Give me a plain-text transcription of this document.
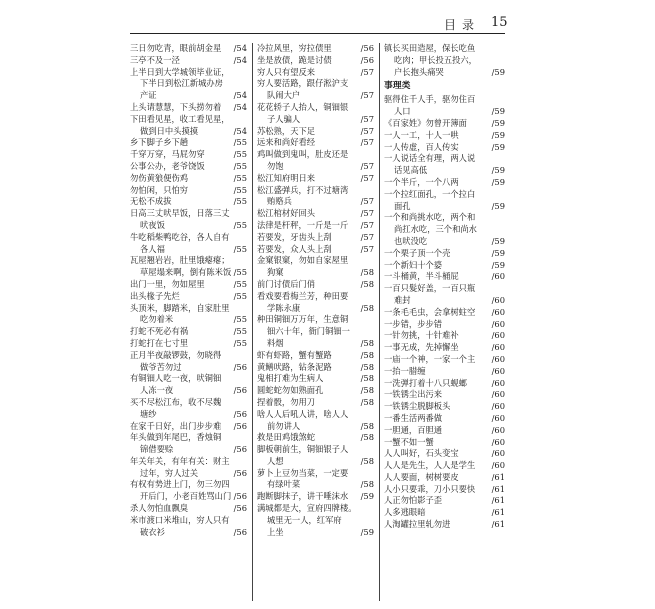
目录 15
三日勿吃青，眼前胡金星 /54
三亭不及一泾	/54
上半日到大学城领毕业证，
下半日到松江新城办房
产证	/54
上头请慧慧，下头捞勿着 /54
下田看见星，收工看见星，
做到日中头摸摸	/54
乡下脚子乡下趟	/55
千穿万穿，马屁勿穿	/55
公事公办，老爷饶饭	/55
勿伤黄狼便伤鸡	/55
勿怕闲，只怕穷	/55
无松不成拔	/55
日高三丈吠早饭，日落三丈
吠夜饭	/55
牛吃稻柴鸭吃谷，各人自有
各人福	/55
瓦屋翘岩岩，肚里饿瘪瘪；
草屋塌来啊，倒有陈米饭 /55
出门一里，勿如屋里	/55
出头椽子先烂	/55
头顶米，脚踏米，自家肚里
吃勿着米	/55
打蛇不死必有祸	/55
打蛇打在七寸里	/55
正月半夜敲锣鼓，勿晓得
做爷苦勿过	/56
有铜钿人吃一夜，吠铜钿
人冻一夜	/56
买不尽松江布，收不尽魏
塘纱	/56
在家千日好，出门步步难 /56
年头做到年尾巴，香烛铜
锦借要赊	/56
年关年关，有年有关：财主
过年，穷人过关	/56
有权有势进上门，勿三勿四
开后门，小老百姓骂山门 /56
杀人勿怕血飘臭	/56
米市渡口米堆山，穷人只有
破衣衫	/56
冷拉风里，穷拉债里	/56
坐是放债，跪是讨债	/56
穷人只有望反来	/57
穷人要活路，跟仔淞沪支
队闹大户	/57
花花轿子人抬人，铜钿银
子人骗人	/57
苏松熟，天下足	/57
远来和尚好看经	/57
鸡叫做到鬼叫，肚皮还是
勿饱	/57
松江知府明日来	/57
松江盛弹兵，打不过塘湾
贿赂兵	/57
松江棺材好回头	/57
法律是杆秤，一斤是一斤 /57
若要发，牙齿头上刮	/57
若要发，众人头上刮	/57
金窠银窠，勿如自家屋里
狗窠	/58
前门讨债后门俏	/58
看戏要看梅兰芳，种田要
学陈永康	/58
种田铜钿万万年，生意铜
钿六十年，衙门铜钿一
料烟	/58
虾有虾路，蟹有蟹路	/58
黄鳝吠路，钻条泥路	/58
鬼相打难为生病人	/58
圆蛇蛇勿如熟面孔	/58
捏着骰，勿用刀	/58
啥人人后吼人讲，啥人人
前勿讲人	/58
救是田鸡饿煞蛇	/58
脚板朝前生，铜钿银子人
人想	/58
萝卜上豆勿当菜，一定要
有绿叶菜	/58
跑断脚抹子，讲干唾沫水 /59
满城都是大，宣府四牌楼。
城里无一人，红军府
上坐	/59
镇长买田造屋，保长吃鱼
吃肉；甲长投五投六，
户长抱头痛哭	/59
事理类
驱得住千人手，驱勿住百
人口	/59
《百家姓》勿曾开簿面	/59
一人一工，十人一哄	/59
一人传虚，百人传实	/59
一人说话全有理，两人说
话见高低	/59
一个半斤，一个八两	/59
一个拉红面孔，一个拉白
面孔	/59
一个和尚挑水吃，两个和
尚扛水吃，三个和尚水
也吠没吃	/59
一个栗子顶一个壳	/59
一个新妇十个婆	/59
一斗桶黄，半斗桶屁	/60
一百只髮好盖，一百只瓶
难封	/60
一条毛毛虫，会拿树蛀空 /60
一步错，步步错	/60
一针勿挑，十针难补	/60
一事无成，先掉懈坐	/60
一庙一个神，一家一个主 /60
一抬一腊缠	/60
一洗弹打着十八只蚬螂	/60
一铁锈尘出污来	/60
一铁锈尘脱脚板头	/60
一番生活两番做	/60
一胆通，百胆通	/60
一蟹不如一蟹	/60
人人叫好，石头变宝	/60
人人是先生，人人是学生 /60
人人要面，树树要皮	/61
人小只要乖，刀小只要快 /61
人正勿怕影子歪	/61
人多逃眼暗	/61
人淘罐拉里轧勿进	/61
